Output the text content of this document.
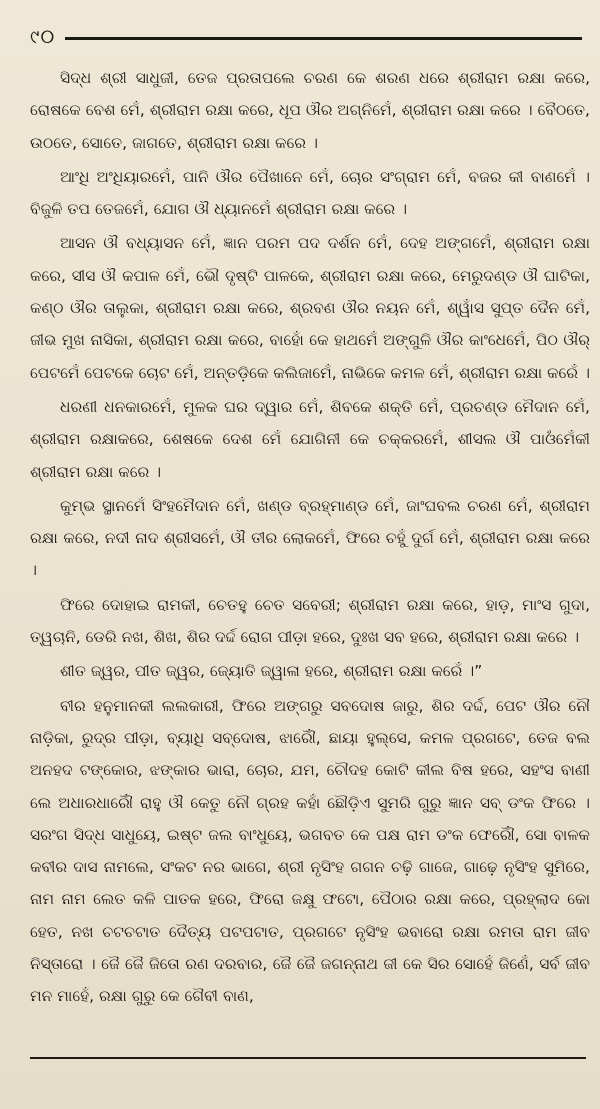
୯୦

ସିଦ୍ଧ ଶ୍ରୀ ସାଧୁଜୀ, ତେଜ ପ୍ରତାପଲେ ଚରଣ କେ ଶରଣ ଧରେ ଶ୍ରୀରାମ ରକ୍ଷା କରେ, ରୋଷକେ ବେଶ ମେଁ, ଶ୍ରୀରାମ ରକ୍ଷା କରେ, ଧୂପ ଔର ଅଗ୍ନିମେଁ, ଶ୍ରୀରାମ ରକ୍ଷା କରେ । ବୈଠତେ, ଉଠତେ, ସୋତେ, ଜାଗତେ, ଶ୍ରୀରାମ ରକ୍ଷା କରେ ।

ଆଂଧି ଅଂଧିୟାରମେଁ, ପାନି ଔର ପୈଖାନେ ମେଁ, ଚୋର ସଂଗ୍ରାମ ମେଁ, ବଜର କୀ ବାଣମେଁ । ବିଜୁଳି ତପ ତେଜମେଁ, ଯୋଗ ଔ ଧ୍ୟାନମେଁ ଶ୍ରୀରାମ ରକ୍ଷା କରେ ।

ଆସନ ଔ ବଧ୍ୟାସନ ମେଁ, ଜ୍ଞାନ ପରମ ପଦ ଦର୍ଶନ ମେଁ, ଦେହ ଅଙ୍ଗମେଁ, ଶ୍ରୀରାମ ରକ୍ଷା କରେ, ସୀସ ଔ କପାଳ ମେଁ, ଭୌ ଦୃଷ୍ଟି ପାଳକେ, ଶ୍ରୀରାମ ରକ୍ଷା କରେ, ମେରୁଦଣ୍ଡ ଔ ଘାଟିକା, କଣ୍ଠ ଔର ତାଲୁକା, ଶ୍ରୀରାମ ରକ୍ଷା କରେ, ଶ୍ରବଣ ଔର ନୟନ ମେଁ, ଶ୍ୱାଁସ ସୁପ୍ତ ଦୈନ ମେଁ, ଜୀଭ ମୁଖ ନାସିକା, ଶ୍ରୀରାମ ରକ୍ଷା କରେ, ବାହୋଁ କେ ହାଥମେଁ ଅଙ୍ଗୁଳି ଔର କାଂଧେମେଁ, ପିଠ ଔର୍ ପେଟମେଁ ପେଟକେ ଚୋଟ ମେଁ, ଅନ୍ତଡ଼ିକେ କଲିଜାମେଁ, ନାଭିକେ କମଳ ମେଁ, ଶ୍ରୀରାମ ରକ୍ଷା କରେଁ ।

ଧରଣୀ ଧନକାରମେଁ, ମୁଳକ ଘର ଦ୍ୱାର ମେଁ, ଶିବକେ ଶକ୍ତି ମେଁ, ପ୍ରଚଣ୍ଡ ମୈଦାନ ମେଁ, ଶ୍ରୀରାମ ରକ୍ଷାକରେ, ଶେଷକେ ଦେଶ ମେଁ ଯୋଗିନୀ କେ ଚକ୍କରମେଁ, ଶୀସଲ ଔ ପାଓଁମେଁକୀ ଶ୍ରୀରାମ ରକ୍ଷା କରେ ।

କୁମ୍ଭ ସ୍ଥାନମେଁ ସିଂହମୈଦାନ ମେଁ, ଖଣ୍ଡ ବ୍ରହ୍ମାଣ୍ଡ ମେଁ, ଜାଂଘବଲ ଚରଣ ମେଁ, ଶ୍ରୀରାମ ରକ୍ଷା କରେ, ନଦୀ ନାଦ ଶ୍ରୀସମେଁ, ଔ ତୀର ଲୋକମେଁ, ଫିରେ ଚହୁଁ ଦୁର୍ଗ ମେଁ, ଶ୍ରୀରାମ ରକ୍ଷା କରେ ।

ଫିରେ ଦୋହାଇ ରାମକୀ, ଚେତହୁ ଚେତ ସବେରୀ; ଶ୍ରୀରାମ ରକ୍ଷା କରେ, ହାଡ଼, ମାଂସ ଗୁଦା, ତ୍ୱଚାନି, ଡେରି ନଖ, ଶିଖ, ଶିର ଦର୍ଦ୍ଦ ରୋଗ ପୀଡ଼ା ହରେ, ଦୁଃଖ ସବ ହରେ, ଶ୍ରୀରାମ ରକ୍ଷା କରେ ।

ଶୀତ ଜ୍ୱର, ପୀତ ଜ୍ୱର, ଜ୍ୟୋତି ଜ୍ୱାଳା ହରେ, ଶ୍ରୀରାମ ରକ୍ଷା କରେଁ ।”

ବୀର ହନୁମାନକୀ ଲଲକାରୀ, ଫିରେ ଅଙ୍ଗରୁ ସବଦୋଷ ଜାରୁ, ଶିର ଦର୍ଦ୍ଦ, ପେଟ ଔର ନୌ ନାଡ଼ିକା, ରୁଦ୍ର ପୀଡ଼ା, ବ୍ୟାଧି ସବ୍‌ଦୋଷ, ଝାରୌଁ, ଛାୟା ହୁଲ୍‌ସେ, କମଳ ପ୍ରଗଟେ, ତେଜ ବଲ ଅନହଦ ଟଙ୍କୋର, ଝଙ୍କାର ଭାରା, ଚୋର, ଯମ, ଚୌଦହ କୋଟି କୀଲ ବିଷ ହରେ, ସହଂସ ବାଣୀ ଲେ ଅଧାରଧାରୌଁ ରାହୁ ଔ କେତୁ ନୌ ଗ୍ରହ କହାଁ ଛୌଡ଼ିଏ ସୁମରି ଗୁରୁ ଜ୍ଞାନ ସବ୍ ଡଂକ ଫିରେ । ସରଂଗ ସିଦ୍ଧ ସାଧୁୟେ, ଇଷ୍ଟ ଜଲ ବାଂଧୁୟେ, ଭଗବତ କେ ପକ୍ଷ ରାମ ଡଂକ ଫେରୌଁ, ସୋ ବାଳକ କବୀର ଦାସ ନାମଲେ, ସଂକଟ ନର ଭାଗେ, ଶ୍ରୀ ନୃସିଂହ ଗଗନ ଚଢ଼ି ଗାଜେ, ଗାଢ଼େ ନୃସିଂହ ସୁମିରେ, ନାମ ନାମ ଲେତ କଳି ପାତକ ହରେ, ଫିରୋ ଜକ୍ଷୁ ଫଟୋ, ପୈଠାର ରକ୍ଷା କରେ, ପ୍ରହ୍ଲାଦ କୋ ହେତ, ନଖ ଚଟଚଟାତ ଦୈତ୍ୟ ପଟପଟାତ, ପ୍ରଗଟେ ନୃସିଂହ ଭବାରୋ ରକ୍ଷା ରମତା ରାମ ଜୀବ ନିସ୍ତାରୋ । ଜୈ ଜୈ ଜିତୋ ରଣ ଦରବାର, ଜୈ ଜୈ ଜଗନ୍ନାଥ ଜୀ କେ ସିର ସୋହେଁ ଜିଣେଁ, ସର୍ବ ଜୀବ ମନ ମାହେଁ, ରକ୍ଷା ଗୁରୁ କେ ଗୈବୀ ବାଣ,
